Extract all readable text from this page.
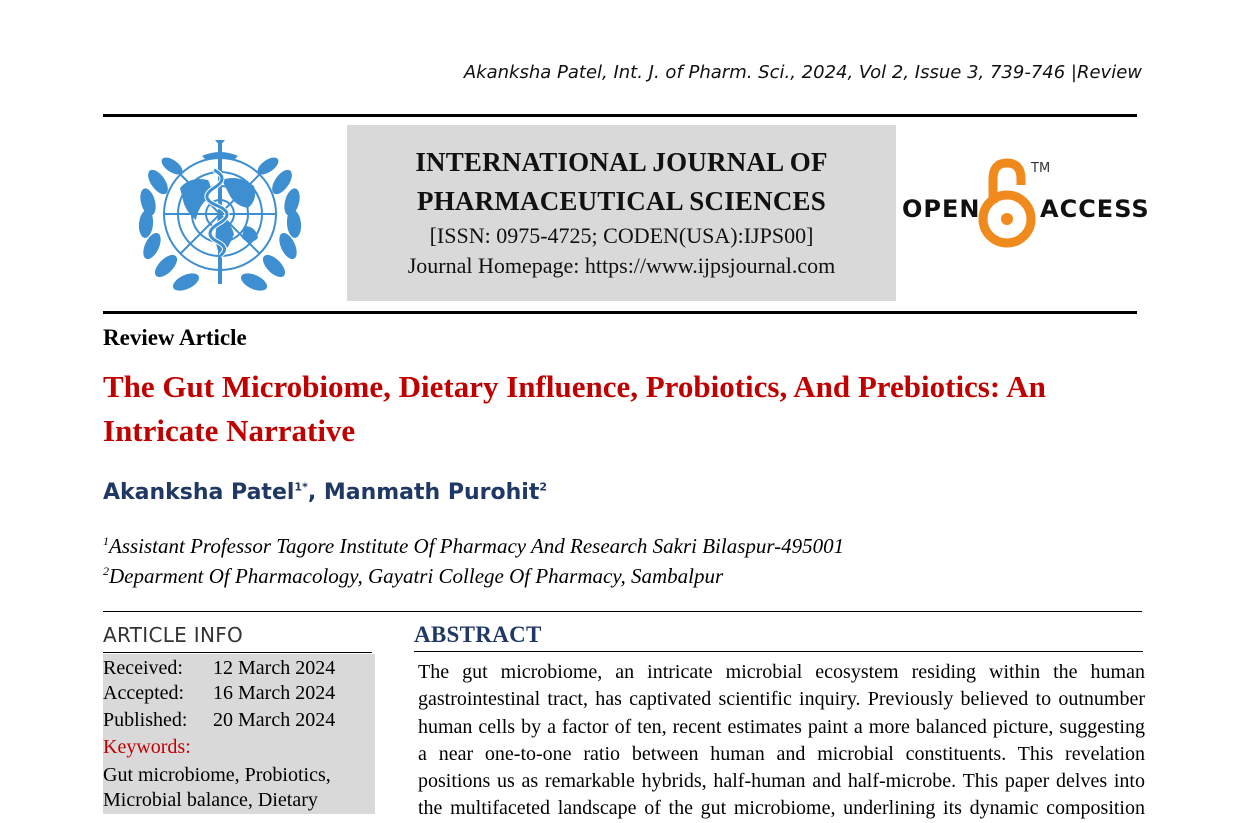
Akanksha Patel, Int. J. of Pharm. Sci., 2024, Vol 2, Issue 3, 739-746 |Review
INTERNATIONAL JOURNAL OF
PHARMACEUTICAL SCIENCES
[ISSN: 0975-4725; CODEN(USA):IJPS00]
Journal Homepage: https://www.ijpsjournal.com
OPEN
TM
ACCESS
Review Article
The Gut Microbiome, Dietary Influence, Probiotics, And Prebiotics: An
Intricate Narrative
Akanksha Patel$^{1*}$, Manmath Purohit$^2$
$^1$Assistant Professor Tagore Institute Of Pharmacy And Research Sakri Bilaspur-495001
$^2$Deparment Of Pharmacology, Gayatri College Of Pharmacy, Sambalpur
ARTICLE INFO
Received: 12 March 2024
Accepted: 16 March 2024
Published: 20 March 2024
Keywords:
Gut microbiome, Probiotics,
Microbial balance, Dietary
ABSTRACT
The gut microbiome, an intricate microbial ecosystem residing within the human
gastrointestinal tract, has captivated scientific inquiry. Previously believed to outnumber
human cells by a factor of ten, recent estimates paint a more balanced picture, suggesting
a near one-to-one ratio between human and microbial constituents. This revelation
positions us as remarkable hybrids, half-human and half-microbe. This paper delves into
the multifaceted landscape of the gut microbiome, underlining its dynamic composition
